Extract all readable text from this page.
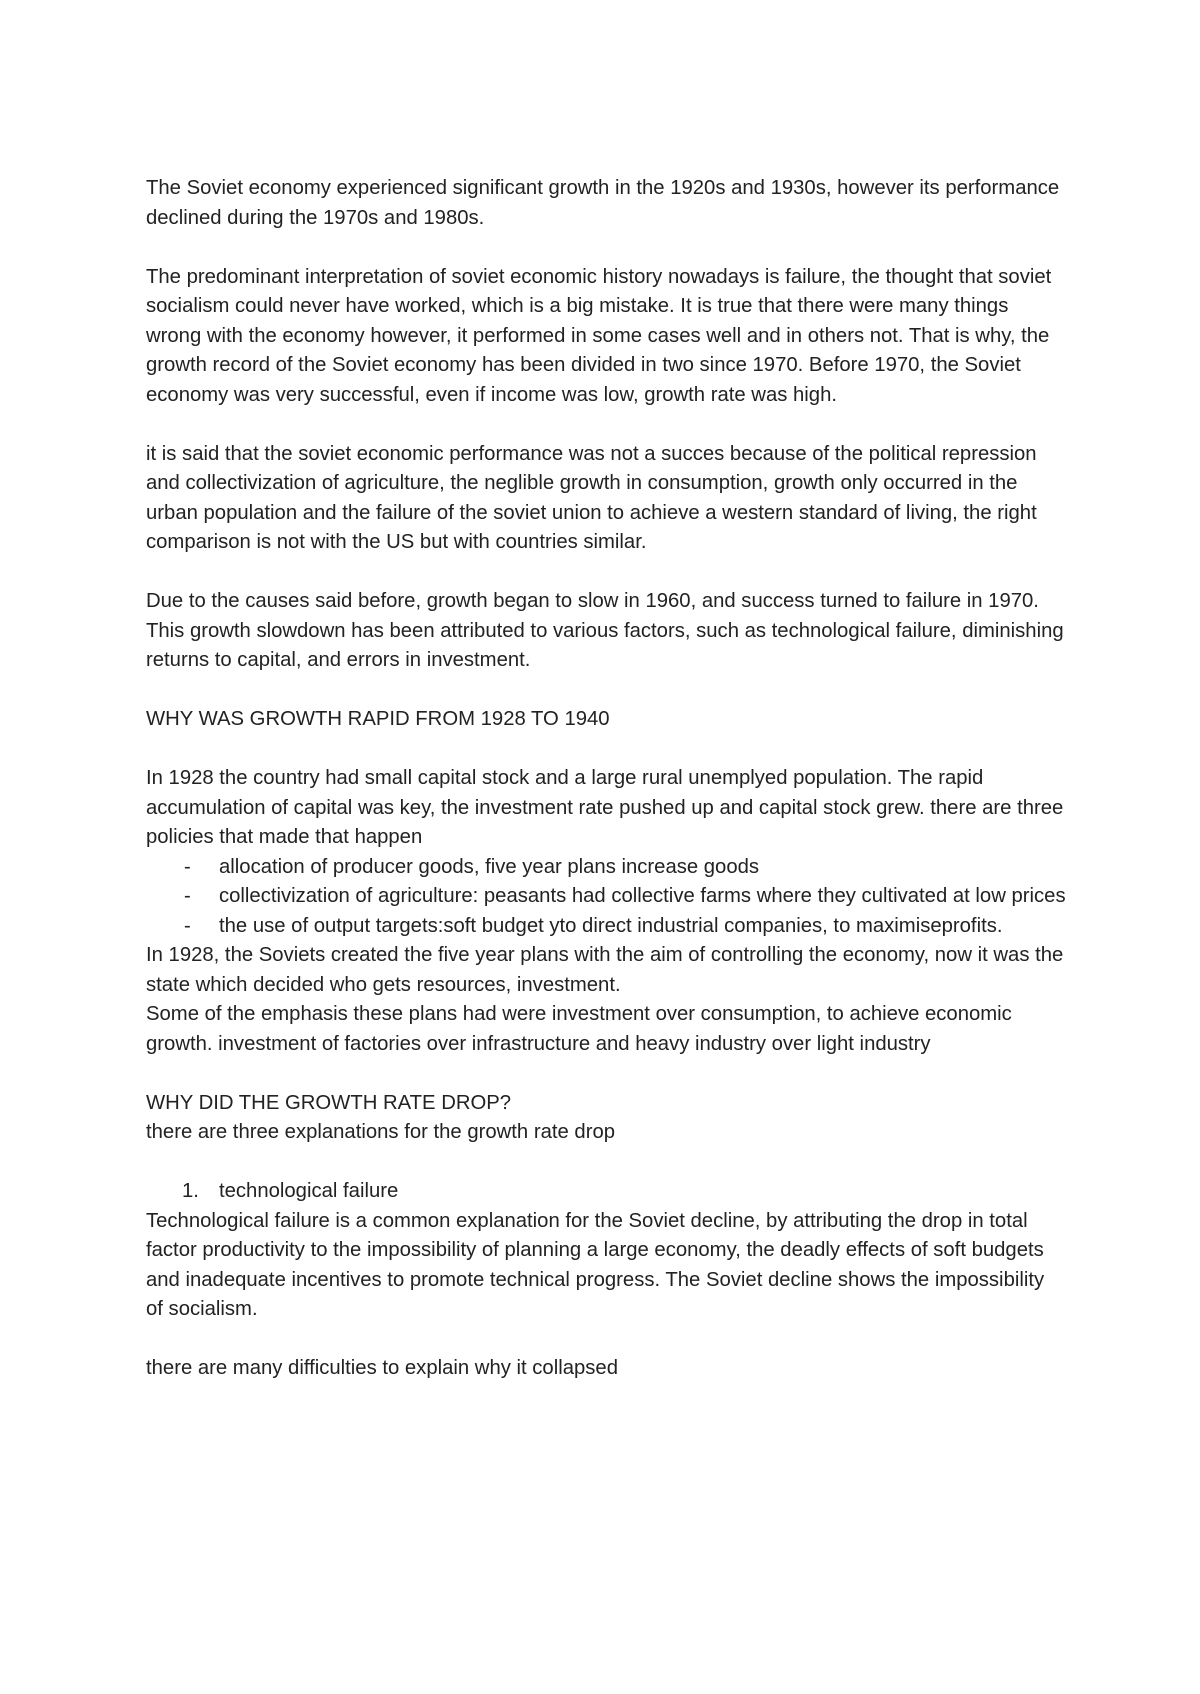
The Soviet economy experienced significant growth in the 1920s and 1930s, however its performance declined during the 1970s and 1980s.

The predominant interpretation of soviet economic history nowadays is failure, the thought that soviet socialism could never have worked, which is a big mistake. It is true that there were many things wrong with the economy however, it performed in some cases well and in others not. That is why, the growth record of the Soviet economy has been divided in two since 1970. Before 1970, the Soviet economy was very successful, even if income was low, growth rate was high.

it is said that the soviet economic performance was not a succes because of the political repression and collectivization of agriculture, the neglible growth in consumption, growth only occurred in the urban population and the failure of the soviet union to achieve a western standard of living, the right comparison is not with the US but with countries similar.

Due to the causes said before, growth began to slow in 1960, and success turned to failure in 1970. This growth slowdown has been attributed to various factors, such as technological failure, diminishing returns to capital, and errors in investment.

WHY WAS GROWTH RAPID FROM 1928 TO 1940

In 1928 the country had small capital stock and a large rural unemplyed population. The rapid accumulation of capital was key, the investment rate pushed up and capital stock grew. there are three policies that made that happen

- allocation of producer goods, five year plans increase goods
- collectivization of agriculture: peasants had collective farms where they cultivated at low prices
- the use of output targets:soft budget yto direct industrial companies, to maximiseprofits.

In 1928, the Soviets created the five year plans with the aim of controlling the economy, now it was the state which decided who gets resources, investment.

Some of the emphasis these plans had were investment over consumption, to achieve economic growth. investment of factories over infrastructure and heavy industry over light industry

WHY DID THE GROWTH RATE DROP?

there are three explanations for the growth rate drop

1. technological failure

Technological failure is a common explanation for the Soviet decline, by attributing the drop in total factor productivity to the impossibility of planning a large economy, the deadly effects of soft budgets and inadequate incentives to promote technical progress. The Soviet decline shows the impossibility of socialism.

there are many difficulties to explain why it collapsed
